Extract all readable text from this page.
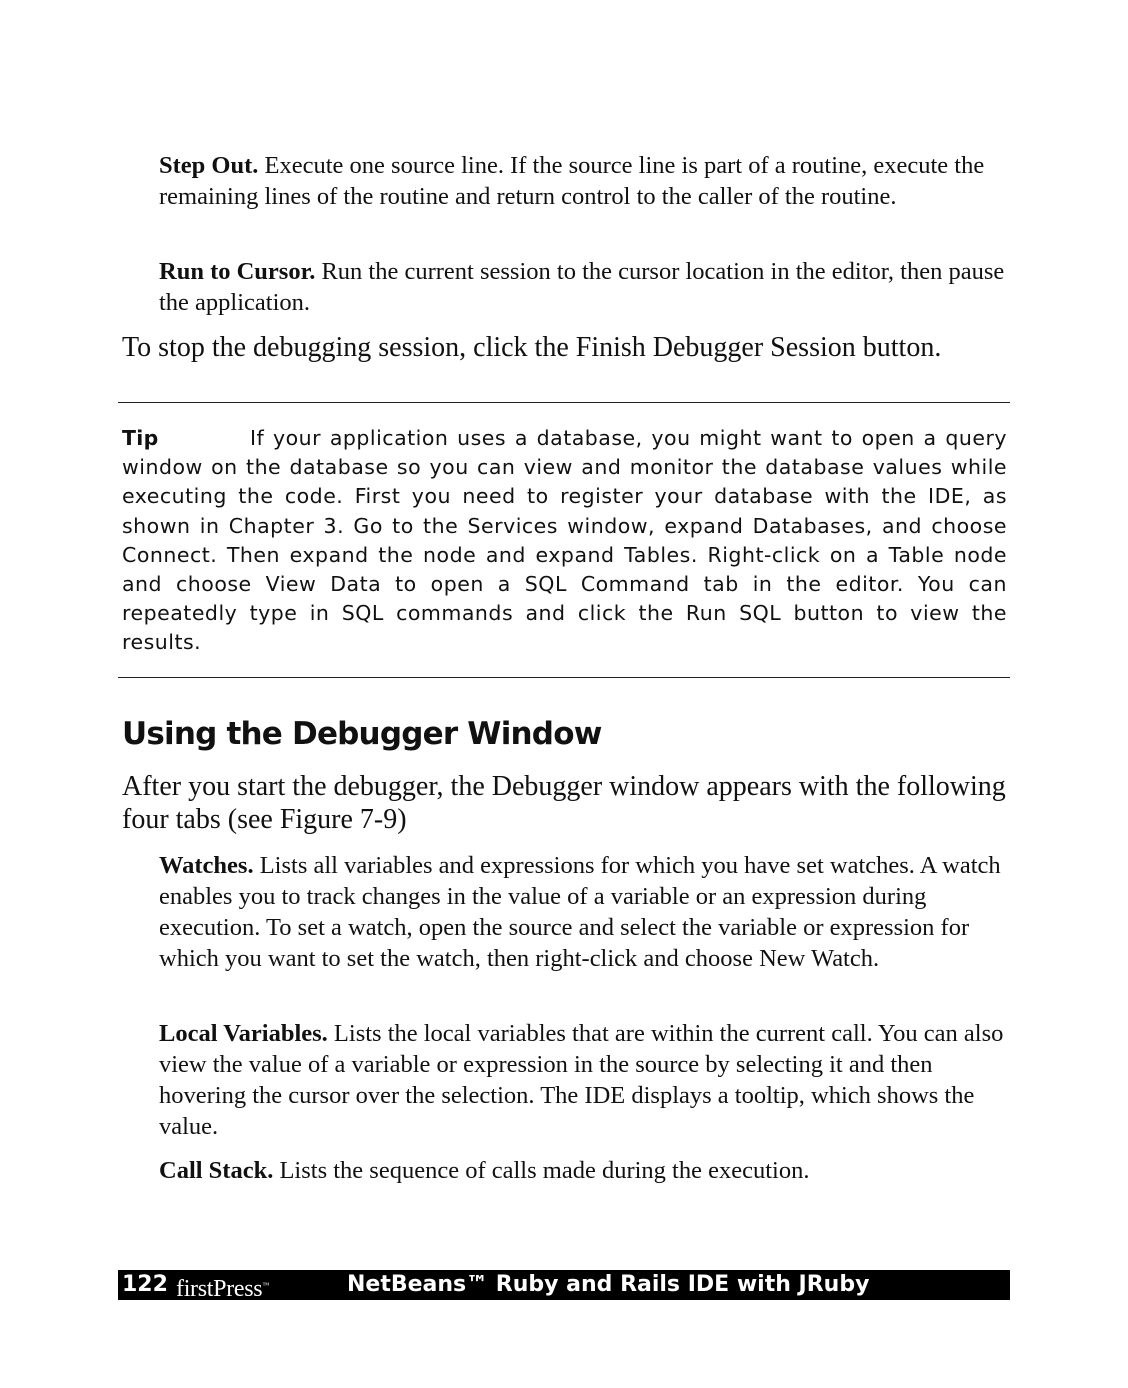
Step Out. Execute one source line. If the source line is part of a routine, execute the remaining lines of the routine and return control to the caller of the routine.
Run to Cursor. Run the current session to the cursor location in the editor, then pause the application.
To stop the debugging session, click the Finish Debugger Session button.
Tip	If your application uses a database, you might want to open a query window on the database so you can view and monitor the database values while executing the code. First you need to register your database with the IDE, as shown in Chapter 3. Go to the Services window, expand Databases, and choose Connect. Then expand the node and expand Tables. Right-click on a Table node and choose View Data to open a SQL Command tab in the editor. You can repeatedly type in SQL commands and click the Run SQL button to view the results.
Using the Debugger Window
After you start the debugger, the Debugger window appears with the following four tabs (see Figure 7-9)
Watches. Lists all variables and expressions for which you have set watches. A watch enables you to track changes in the value of a variable or an expression during execution. To set a watch, open the source and select the variable or expression for which you want to set the watch, then right-click and choose New Watch.
Local Variables. Lists the local variables that are within the current call. You can also view the value of a variable or expression in the source by selecting it and then hovering the cursor over the selection. The IDE displays a tooltip, which shows the value.
Call Stack. Lists the sequence of calls made during the execution.
122 firstPress™	NetBeans™ Ruby and Rails IDE with JRuby
